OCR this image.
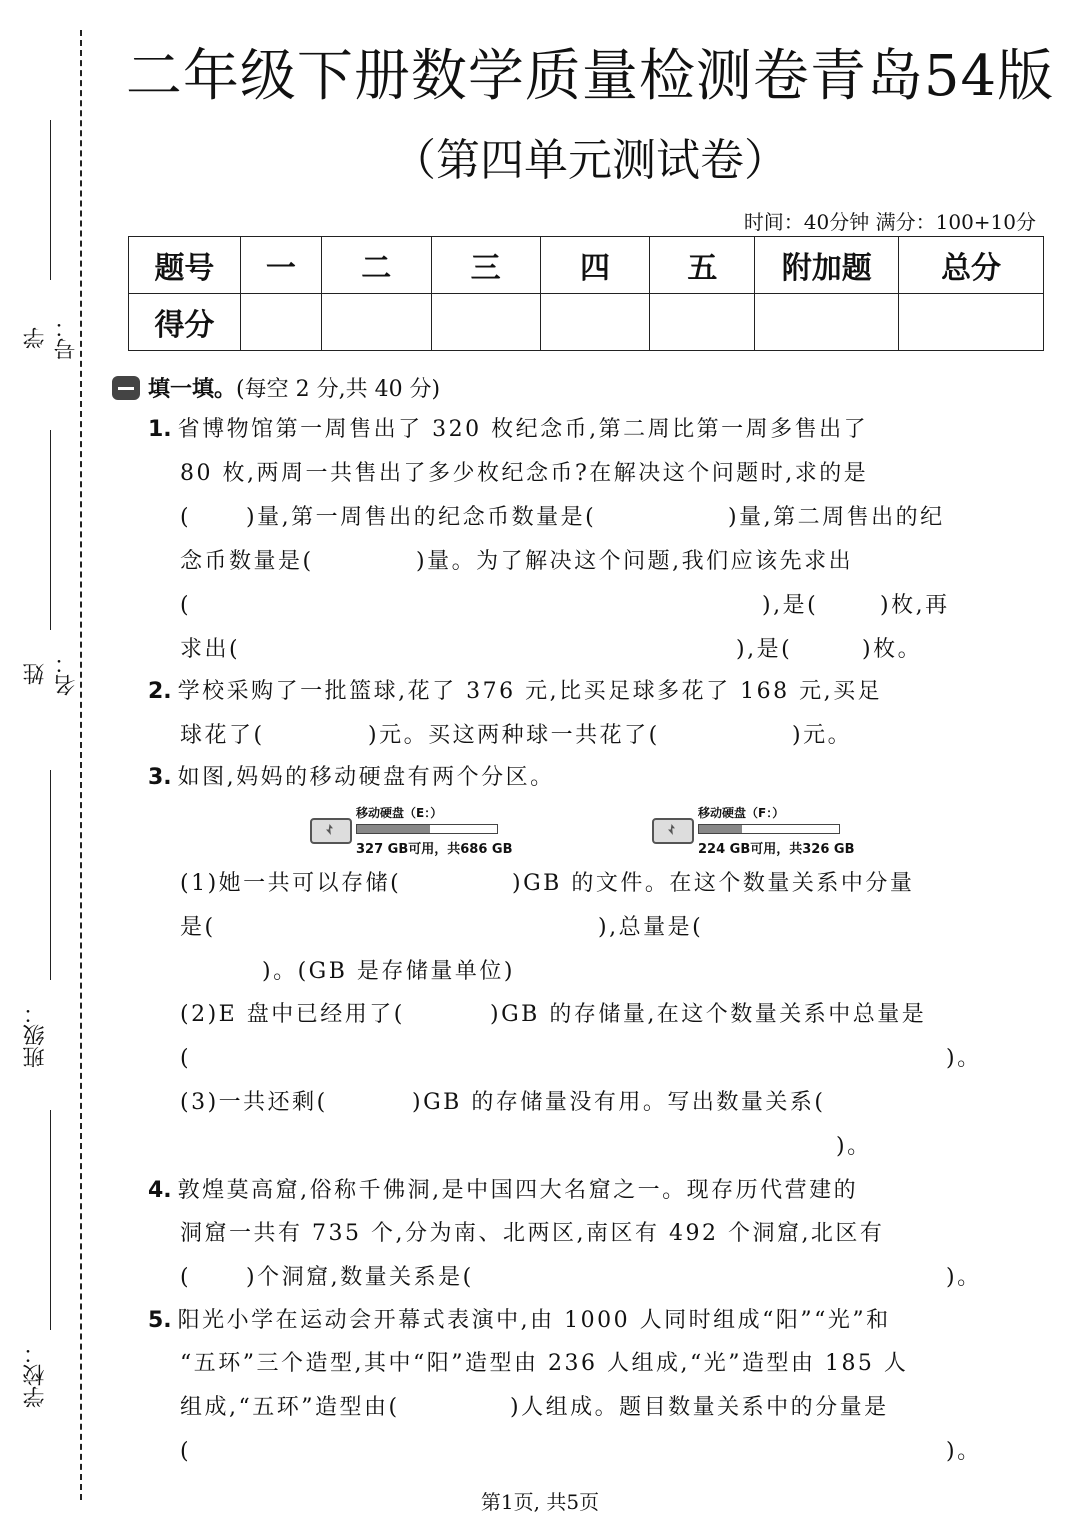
学号：
姓名：
班级：
学校：
二年级下册数学质量检测卷青岛54版
（第四单元测试卷）
时间：40分钟 满分：100+10分
题号	一	二	三	四	五	附加题	总分
得分							
填一填。 (每空 2 分,共 40 分)
1. 省博物馆第一周售出了 320 枚纪念币,第二周比第一周多售出了
80 枚,两周一共售出了多少枚纪念币?在解决这个问题时,求的是
( )量,第一周售出的纪念币数量是(	)量,第二周售出的纪
念币数量是(	)量。为了解决这个问题,我们应该先求出
(	),是(	)枚,再
求出(	),是(	)枚。
2. 学校采购了一批篮球,花了 376 元,比买足球多花了 168 元,买足
球花了(	)元。买这两种球一共花了(	)元。
3. 如图,妈妈的移动硬盘有两个分区。
移动硬盘（E：）
327 GB可用，共686 GB
移动硬盘（F：）
224 GB可用，共326 GB
(1)她一共可以存储(	)GB 的文件。在这个数量关系中分量
是(	),总量是(
)。(GB 是存储量单位)
(2)E 盘中已经用了(	)GB 的存储量,在这个数量关系中总量是
(	)。
(3)一共还剩(	)GB 的存储量没有用。写出数量关系(
)。
4. 敦煌莫高窟,俗称千佛洞,是中国四大名窟之一。现存历代营建的
洞窟一共有 735 个,分为南、北两区,南区有 492 个洞窟,北区有
( )个洞窟,数量关系是(	)。
5. 阳光小学在运动会开幕式表演中,由 1000 人同时组成“阳”“光”和
“五环”三个造型,其中“阳”造型由 236 人组成,“光”造型由 185 人
组成,“五环”造型由(	)人组成。题目数量关系中的分量是
(	)。
第1页, 共5页
